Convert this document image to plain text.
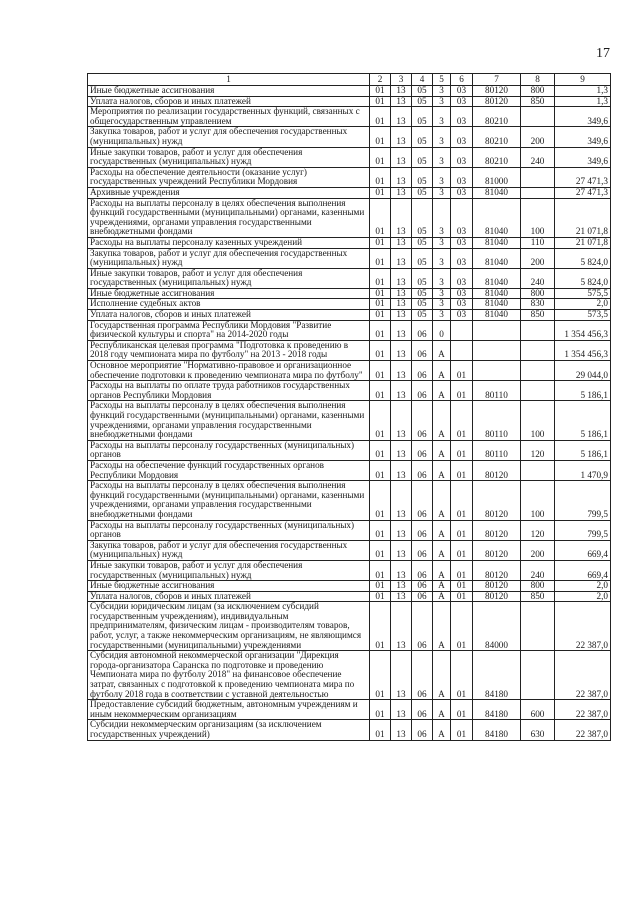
17
1	2	3	4	5	6	7	8	9
Иные бюджетные ассигнования	01	13	05	3	03	80120	800	1,3
Уплата налогов, сборов и иных платежей	01	13	05	3	03	80120	850	1,3
Мероприятия по реализации государственных функций, связанных с общегосударственным управлением	01	13	05	3	03	80210		349,6
Закупка товаров, работ и услуг для обеспечения государственных (муниципальных) нужд	01	13	05	3	03	80210	200	349,6
Иные закупки товаров, работ и услуг для обеспечения государственных (муниципальных) нужд	01	13	05	3	03	80210	240	349,6
Расходы на обеспечение деятельности (оказание услуг) государственных учреждений Республики Мордовия	01	13	05	3	03	81000		27 471,3
Архивные учреждения	01	13	05	3	03	81040		27 471,3
Расходы на выплаты персоналу в целях обеспечения выполнения функций государственными (муниципальными) органами, казенными учреждениями, органами управления государственными внебюджетными фондами	01	13	05	3	03	81040	100	21 071,8
Расходы на выплаты персоналу казенных учреждений	01	13	05	3	03	81040	110	21 071,8
Закупка товаров, работ и услуг для обеспечения государственных (муниципальных) нужд	01	13	05	3	03	81040	200	5 824,0
Иные закупки товаров, работ и услуг для обеспечения государственных (муниципальных) нужд	01	13	05	3	03	81040	240	5 824,0
Иные бюджетные ассигнования	01	13	05	3	03	81040	800	575,5
Исполнение судебных актов	01	13	05	3	03	81040	830	2,0
Уплата налогов, сборов и иных платежей	01	13	05	3	03	81040	850	573,5
Государственная программа Республики Мордовия "Развитие физической культуры и спорта" на 2014-2020 годы	01	13	06	0				1 354 456,3
Республиканская целевая программа "Подготовка к проведению в 2018 году чемпионата мира по футболу" на 2013 - 2018 годы	01	13	06	А				1 354 456,3
Основное мероприятие "Нормативно-правовое и организационное обеспечение подготовки к проведению чемпионата мира по футболу"	01	13	06	А	01			29 044,0
Расходы на выплаты по оплате труда работников государственных органов Республики Мордовия	01	13	06	А	01	80110		5 186,1
Расходы на выплаты персоналу в целях обеспечения выполнения функций государственными (муниципальными) органами, казенными учреждениями, органами управления государственными внебюджетными фондами	01	13	06	А	01	80110	100	5 186,1
Расходы на выплаты персоналу государственных (муниципальных) органов	01	13	06	А	01	80110	120	5 186,1
Расходы на обеспечение функций государственных органов Республики Мордовия	01	13	06	А	01	80120		1 470,9
Расходы на выплаты персоналу в целях обеспечения выполнения функций государственными (муниципальными) органами, казенными учреждениями, органами управления государственными внебюджетными фондами	01	13	06	А	01	80120	100	799,5
Расходы на выплаты персоналу государственных (муниципальных) органов	01	13	06	А	01	80120	120	799,5
Закупка товаров, работ и услуг для обеспечения государственных (муниципальных) нужд	01	13	06	А	01	80120	200	669,4
Иные закупки товаров, работ и услуг для обеспечения государственных (муниципальных) нужд	01	13	06	А	01	80120	240	669,4
Иные бюджетные ассигнования	01	13	06	А	01	80120	800	2,0
Уплата налогов, сборов и иных платежей	01	13	06	А	01	80120	850	2,0
Субсидии юридическим лицам (за исключением субсидий государственным учреждениям), индивидуальным предпринимателям, физическим лицам - производителям товаров, работ, услуг, а также некоммерческим организациям, не являющимся государственными (муниципальными) учреждениями	01	13	06	А	01	84000		22 387,0
Субсидия автономной некоммерческой организации "Дирекция города-организатора Саранска по подготовке и проведению Чемпионата мира по футболу 2018" на финансовое обеспечение затрат, связанных с подготовкой к проведению чемпионата мира по футболу 2018 года в соответствии с уставной деятельностью	01	13	06	А	01	84180		22 387,0
Предоставление субсидий бюджетным, автономным учреждениям и иным некоммерческим организациям	01	13	06	А	01	84180	600	22 387,0
Субсидии некоммерческим организациям (за исключением государственных учреждений)	01	13	06	А	01	84180	630	22 387,0
